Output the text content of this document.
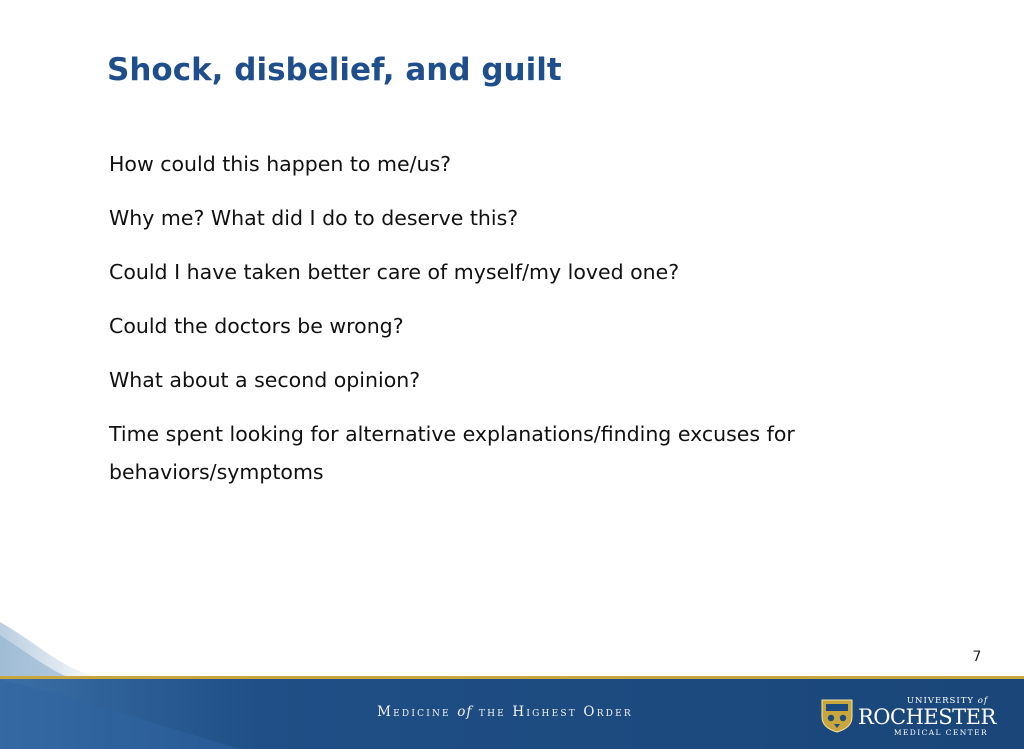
Shock, disbelief, and guilt
How could this happen to me/us?
Why me? What did I do to deserve this?
Could I have taken better care of myself/my loved one?
Could the doctors be wrong?
What about a second opinion?
Time spent looking for alternative explanations/finding excuses for behaviors/symptoms
7
Medicine of the Highest Order
UNIVERSITY of
ROCHESTER
MEDICAL CENTER
